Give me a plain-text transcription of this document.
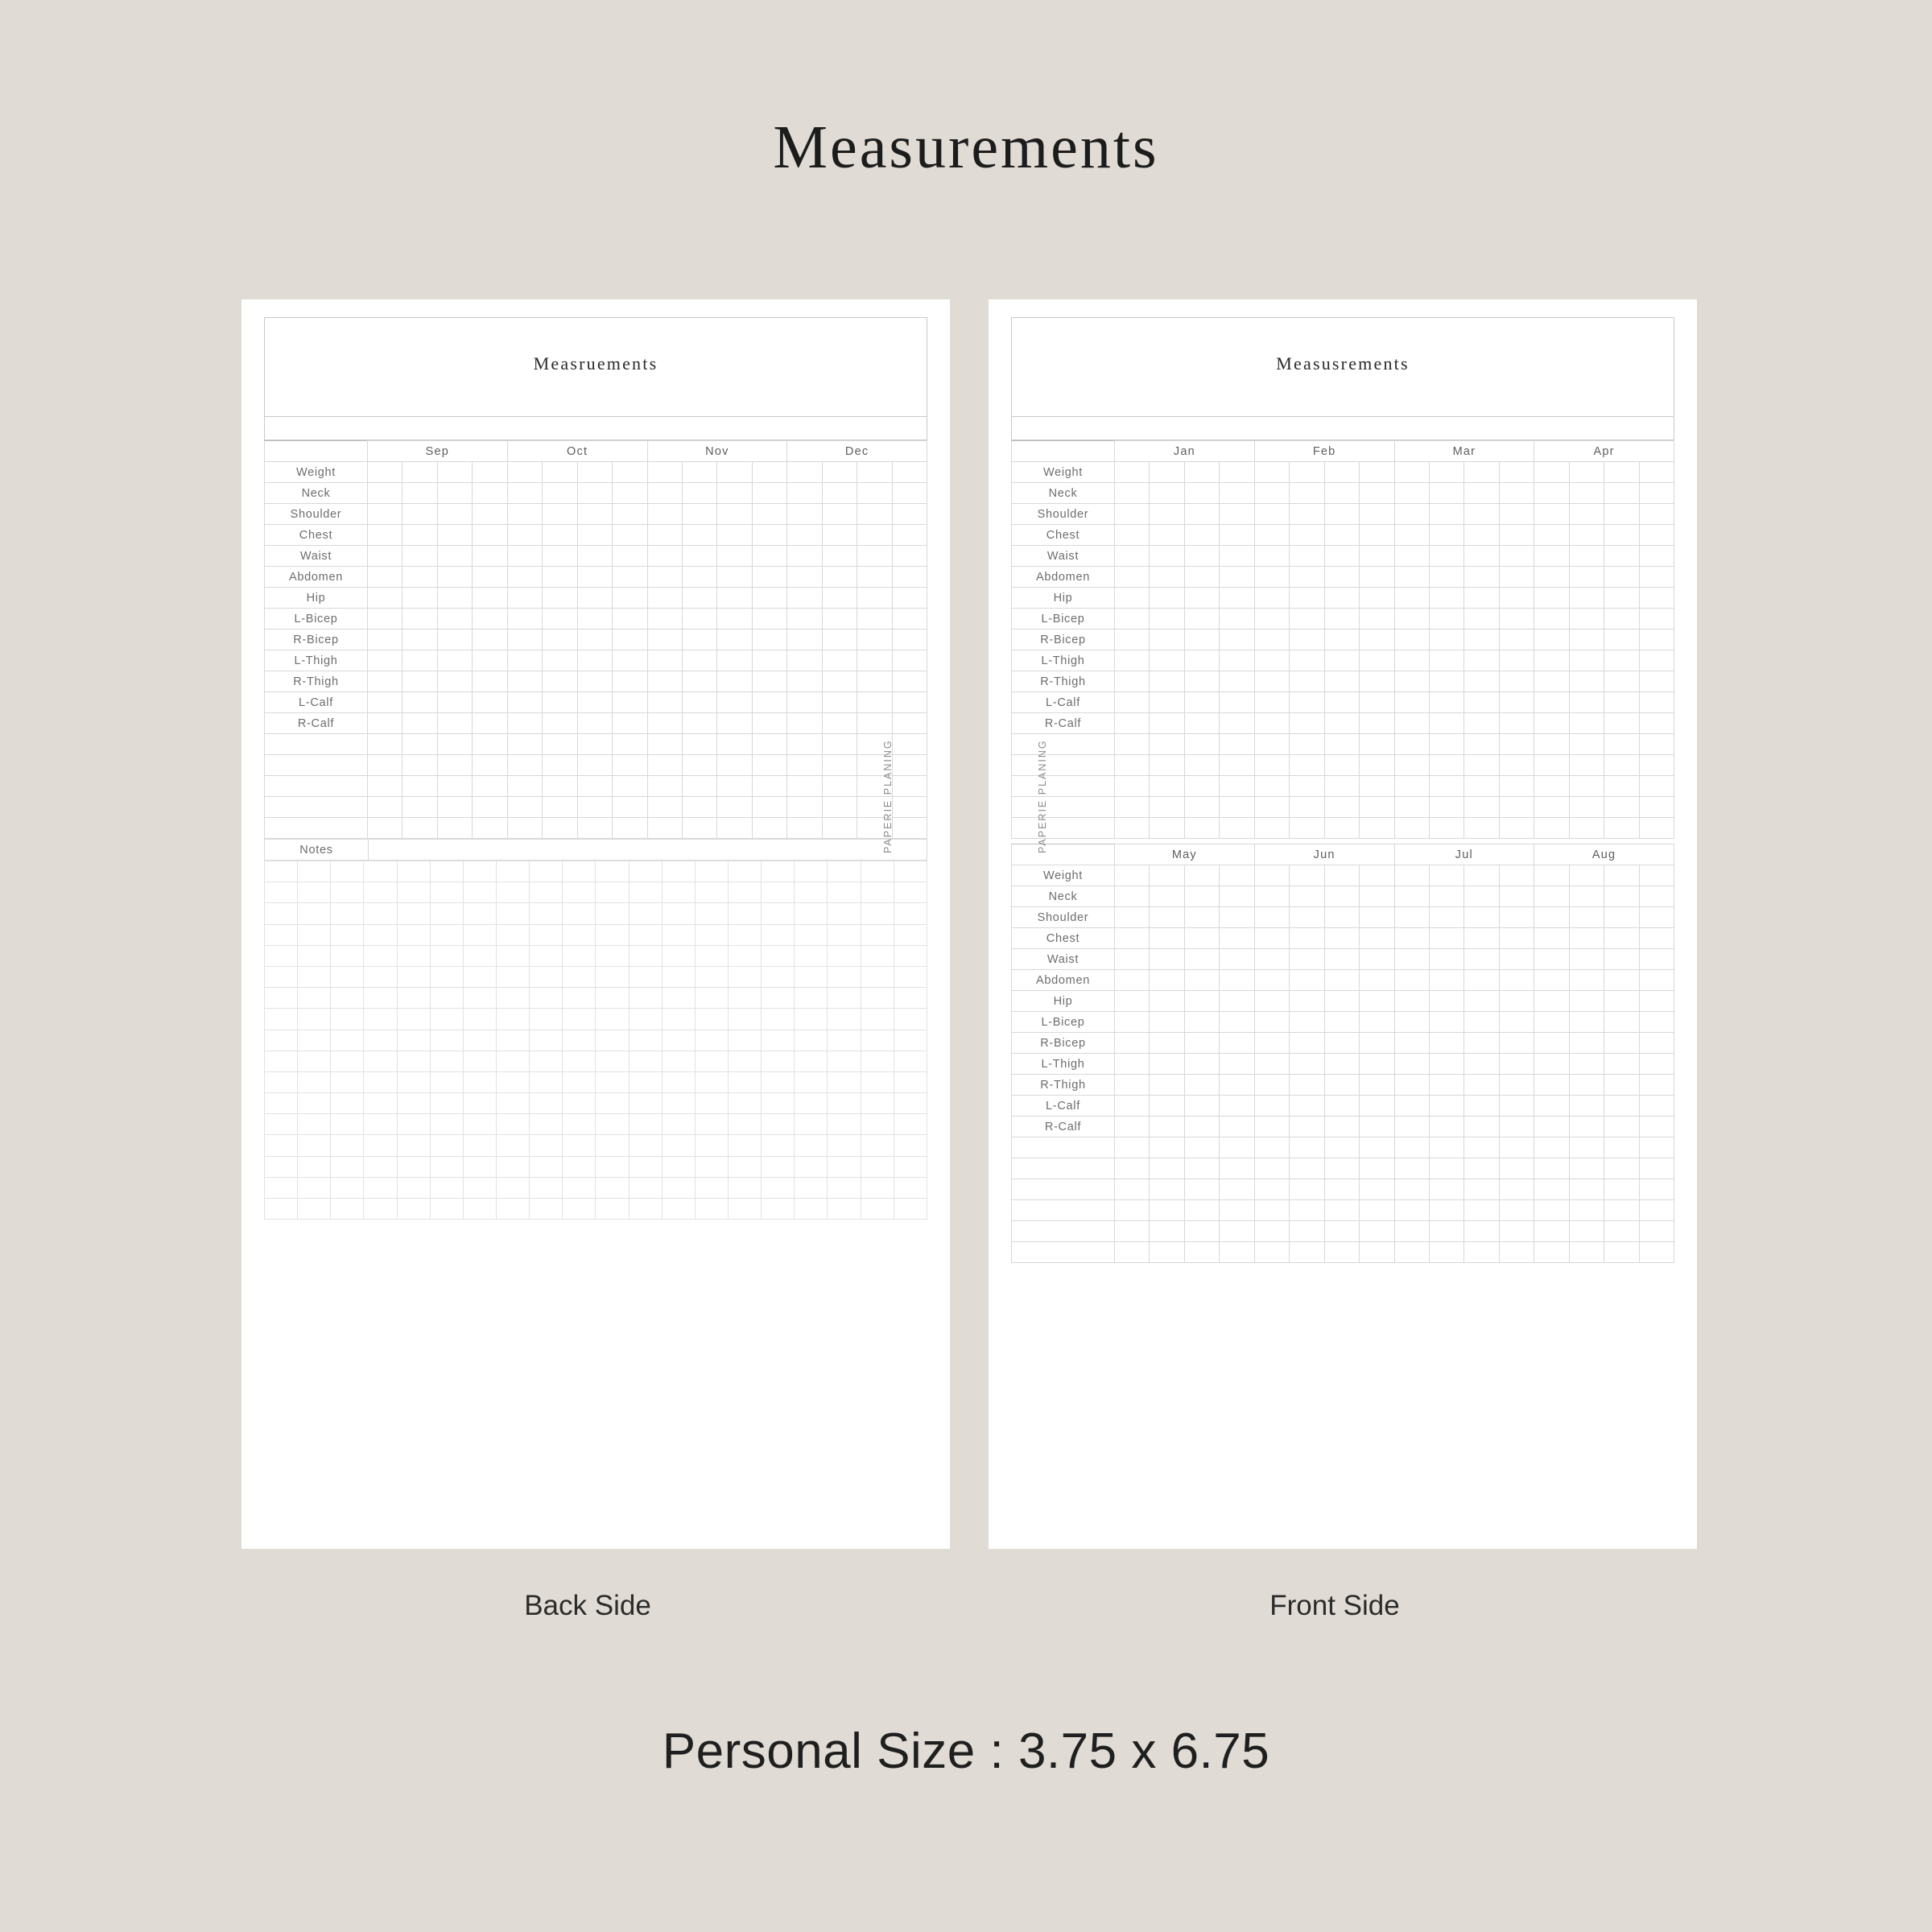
Measurements
Measruements
	Sep				Oct				Nov				Dec			
Weight																
Neck																
Shoulder																
Chest																
Waist																
Abdomen																
Hip																
L-Bicep																
R-Bicep																
L-Thigh																
R-Thigh																
L-Calf																
R-Calf																

Notes	

Measusrements
	Jan				Feb				Mar				Apr			
Weight																
Neck																
Shoulder																
Chest																
Waist																
Abdomen																
Hip																
L-Bicep																
R-Bicep																
L-Thigh																
R-Thigh																
L-Calf																
R-Calf																

	May				Jun				Jul				Aug			
Weight																
Neck																
Shoulder																
Chest																
Waist																
Abdomen																
Hip																
L-Bicep																
R-Bicep																
L-Thigh																
R-Thigh																
L-Calf																
R-Calf																

PAPERIE PLANING	PAPERIE PLANING
Back Side	Front Side
Personal Size : 3.75 x 6.75
